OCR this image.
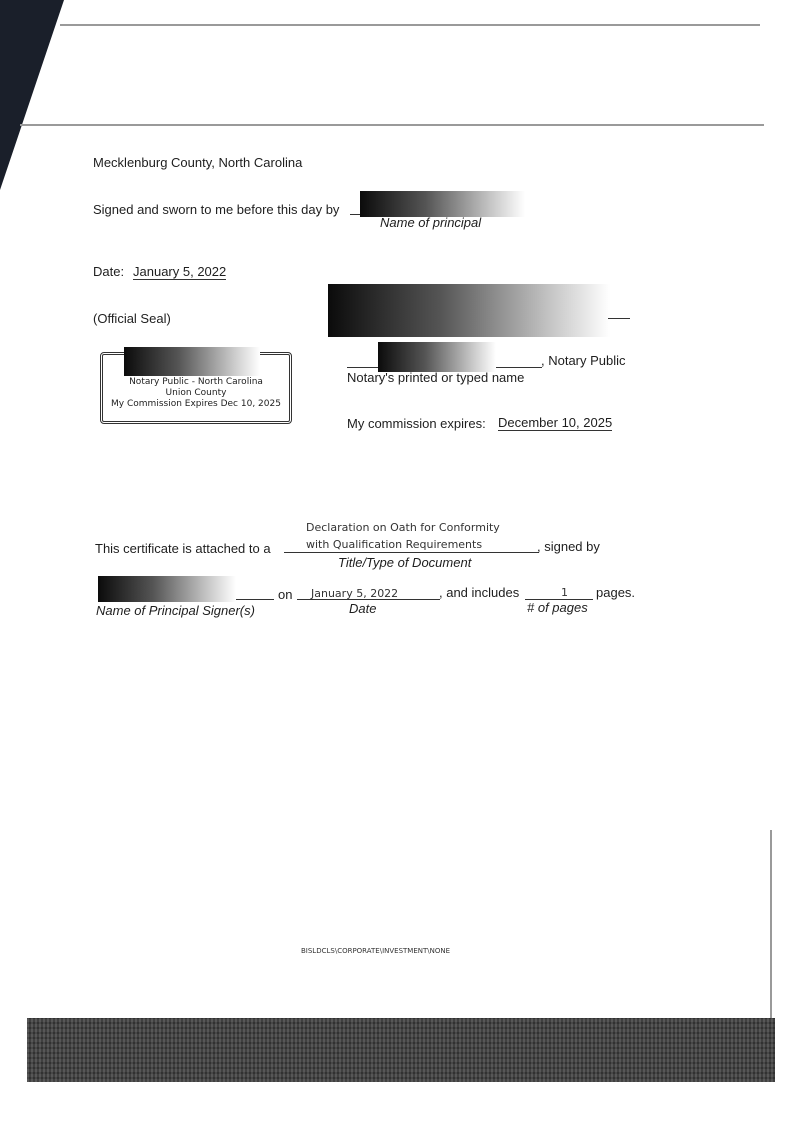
Mecklenburg County, North Carolina
Signed and sworn to me before this day by
Name of principal
Date: January 5, 2022
(Official Seal)
Notary Public - North Carolina
Union County
My Commission Expires Dec 10, 2025
, Notary Public
Notary's printed or typed name
My commission expires: December 10, 2025
Declaration on Oath for Conformity
with Qualification Requirements
This certificate is attached to a	, signed by
Title/Type of Document
on January 5, 2022	, and includes	1 pages.
Name of Principal Signer(s)	Date	# of pages
BISLDCLS\CORPORATE\INVESTMENT\NONE
